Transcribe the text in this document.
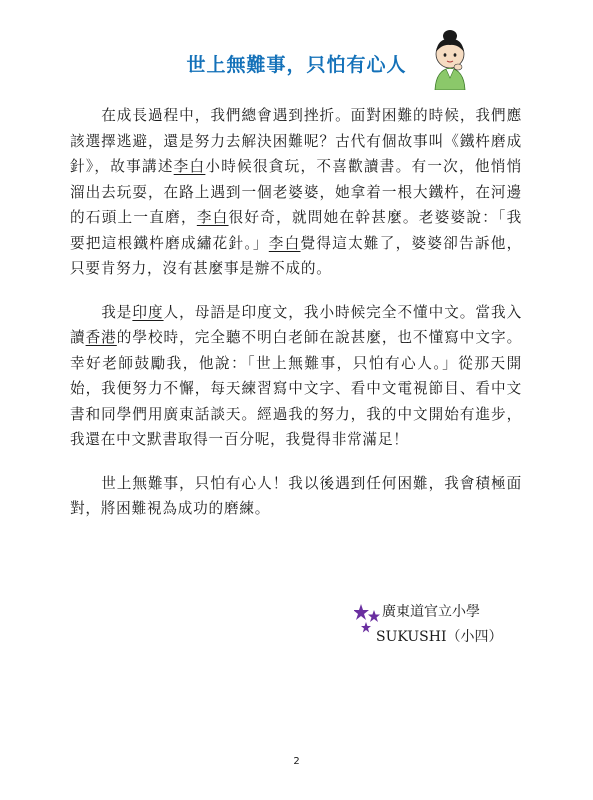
世上無難事，只怕有心人

　　在成長過程中，我們總會遇到挫折。面對困難的時候，我們應該選擇逃避，還是努力去解決困難呢？古代有個故事叫《鐵杵磨成針》，故事講述李白小時候很貪玩，不喜歡讀書。有一次，他悄悄溜出去玩耍，在路上遇到一個老婆婆，她拿着一根大鐵杵，在河邊的石頭上一直磨，李白很好奇，就問她在幹甚麼。老婆婆說：「我要把這根鐵杵磨成繡花針。」李白覺得這太難了，婆婆卻告訴他，只要肯努力，沒有甚麼事是辦不成的。

　　我是印度人，母語是印度文，我小時候完全不懂中文。當我入讀香港的學校時，完全聽不明白老師在說甚麼，也不懂寫中文字。幸好老師鼓勵我，他說：「世上無難事，只怕有心人。」從那天開始，我便努力不懈，每天練習寫中文字、看中文電視節目、看中文書和同學們用廣東話談天。經過我的努力，我的中文開始有進步，我還在中文默書取得一百分呢，我覺得非常滿足！

　　世上無難事，只怕有心人！我以後遇到任何困難，我會積極面對，將困難視為成功的磨練。

廣東道官立小學
SUKUSHI（小四）
2
